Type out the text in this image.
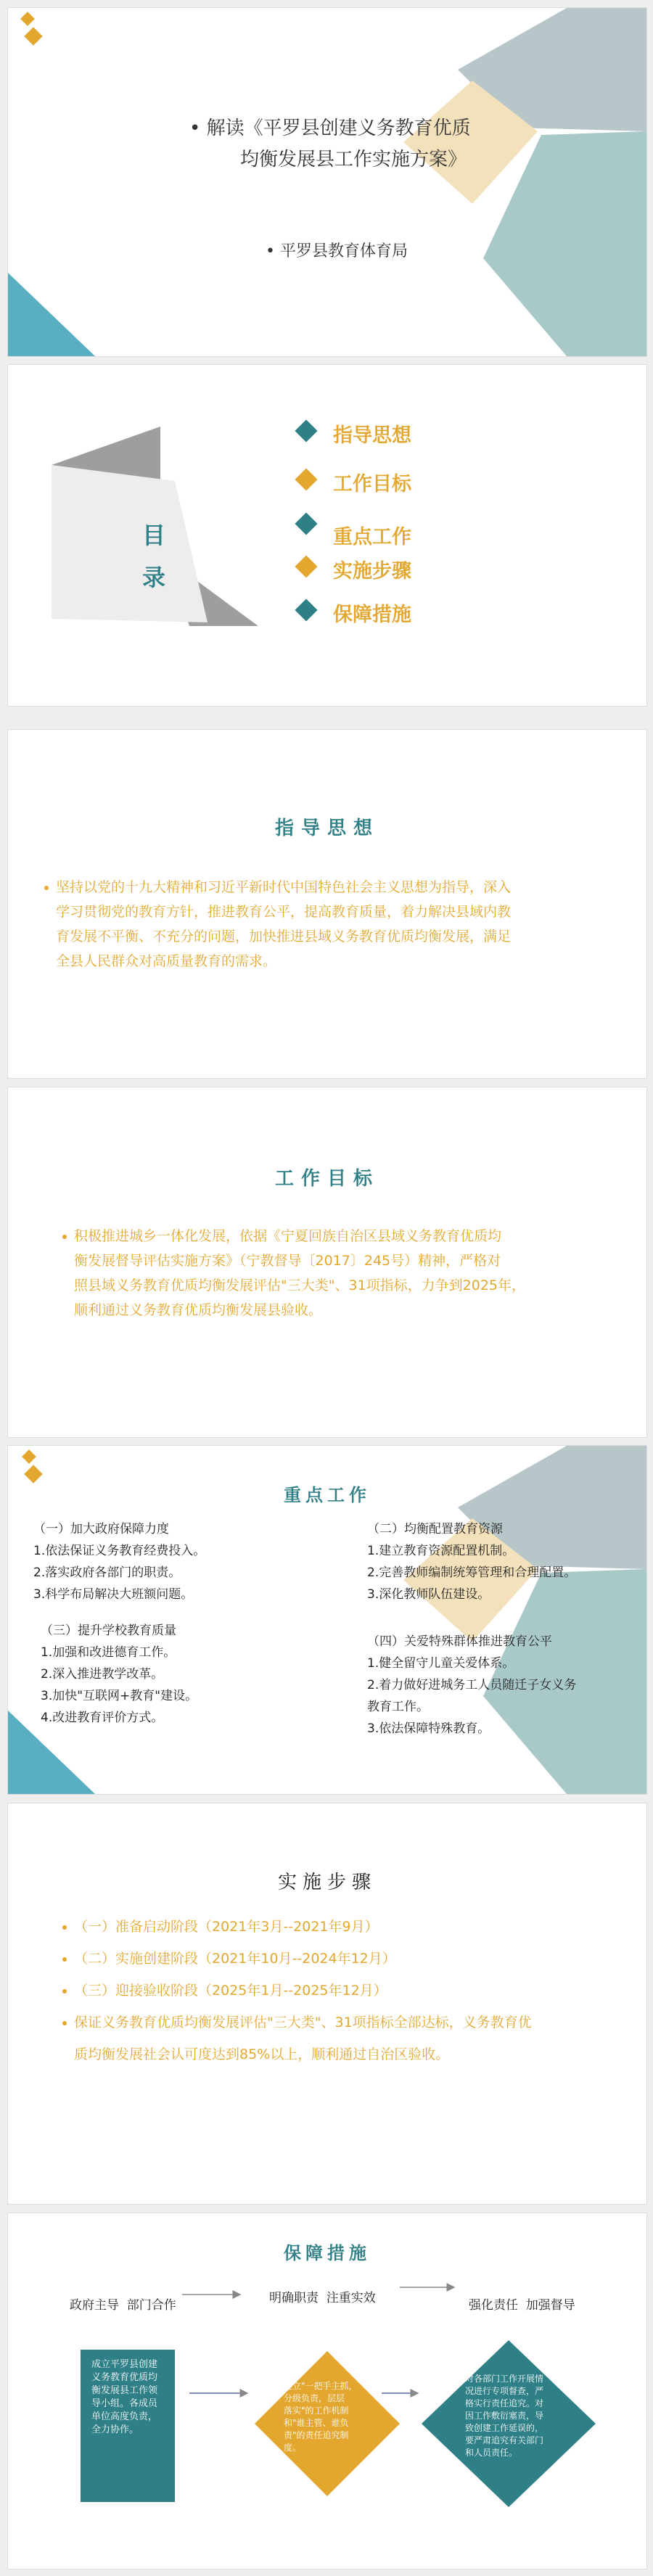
• 解读《平罗县创建义务教育优质
均衡发展县工作实施方案》
• 平罗县教育体育局
目
录
指导思想
工作目标
重点工作
实施步骤
保障措施
指导思想
坚持以党的十九大精神和习近平新时代中国特色社会主义思想为指导，深入
学习贯彻党的教育方针，推进教育公平，提高教育质量，着力解决县域内教
育发展不平衡、不充分的问题，加快推进县域义务教育优质均衡发展，满足
全县人民群众对高质量教育的需求。
工作目标
积极推进城乡一体化发展，依据《宁夏回族自治区县域义务教育优质均
衡发展督导评估实施方案》（宁教督导〔2017〕245号）精神，严格对
照县域义务教育优质均衡发展评估"三大类"、31项指标，力争到2025年，
顺利通过义务教育优质均衡发展县验收。
重点工作
（一）加大政府保障力度
1.依法保证义务教育经费投入。
2.落实政府各部门的职责。
3.科学布局解决大班额问题。
（二）均衡配置教育资源
1.建立教育资源配置机制。
2.完善教师编制统筹管理和合理配置。
3.深化教师队伍建设。
（三）提升学校教育质量
1.加强和改进德育工作。
2.深入推进教学改革。
3.加快"互联网+教育"建设。
4.改进教育评价方式。
（四）关爱特殊群体推进教育公平
1.健全留守儿童关爱体系。
2.着力做好进城务工人员随迁子女义务
教育工作。
3.依法保障特殊教育。
实施步骤
（一）准备启动阶段（2021年3月--2021年9月）
（二）实施创建阶段（2021年10月--2024年12月）
（三）迎接验收阶段（2025年1月--2025年12月）
保证义务教育优质均衡发展评估"三大类"、31项指标全部达标，义务教育优
质均衡发展社会认可度达到85%以上，顺利通过自治区验收。
保障措施
政府主导  部门合作	明确职责  注重实效	强化责任  加强督导
成立平罗县创建
义务教育优质均
衡发展县工作领
导小组。各成员
单位高度负责，
全力协作。
建立"一把手主抓，
分级负责，层层
落实"的工作机制
和"谁主管、谁负
责"的责任追究制
度。
对各部门工作开展情
况进行专项督查，严
格实行责任追究。对
因工作敷衍塞责，导
致创建工作延误的，
要严肃追究有关部门
和人员责任。
